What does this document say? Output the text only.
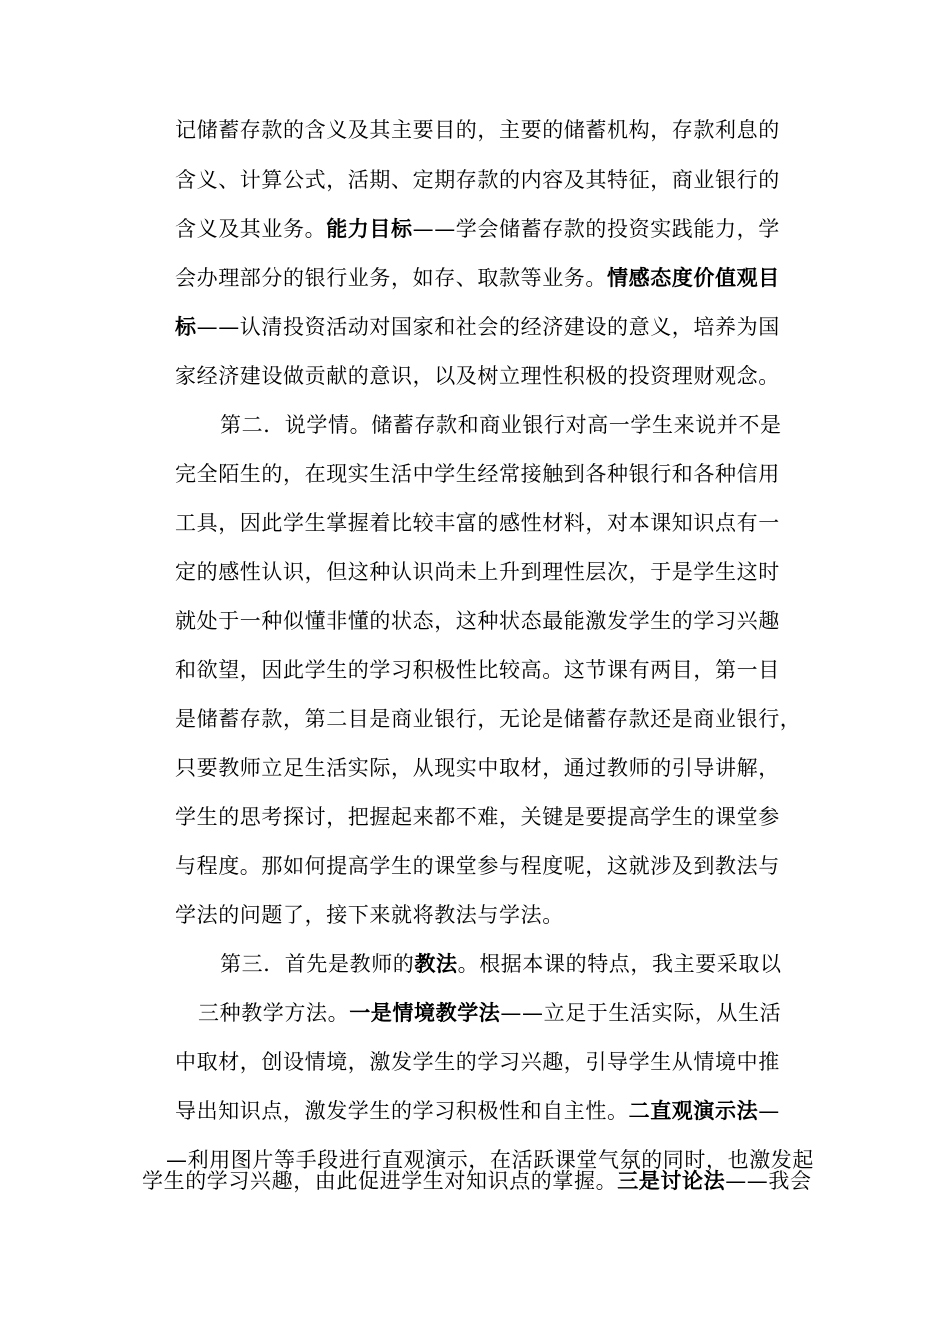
记储蓄存款的含义及其主要目的，主要的储蓄机构，存款利息的
含义、计算公式，活期、定期存款的内容及其特征，商业银行的
含义及其业务。能力目标——学会储蓄存款的投资实践能力，学
会办理部分的银行业务，如存、取款等业务。情感态度价值观目
标——认清投资活动对国家和社会的经济建设的意义，培养为国
家经济建设做贡献的意识，以及树立理性积极的投资理财观念。
第二．说学情。储蓄存款和商业银行对高一学生来说并不是
完全陌生的，在现实生活中学生经常接触到各种银行和各种信用
工具，因此学生掌握着比较丰富的感性材料，对本课知识点有一
定的感性认识，但这种认识尚未上升到理性层次，于是学生这时
就处于一种似懂非懂的状态，这种状态最能激发学生的学习兴趣
和欲望，因此学生的学习积极性比较高。这节课有两目，第一目
是储蓄存款，第二目是商业银行，无论是储蓄存款还是商业银行，
只要教师立足生活实际，从现实中取材，通过教师的引导讲解，
学生的思考探讨，把握起来都不难，关键是要提高学生的课堂参
与程度。那如何提高学生的课堂参与程度呢，这就涉及到教法与
学法的问题了，接下来就将教法与学法。
第三．首先是教师的教法。根据本课的特点，我主要采取以
三种教学方法。一是情境教学法——立足于生活实际，从生活
中取材，创设情境，激发学生的学习兴趣，引导学生从情境中推
导出知识点，激发学生的学习积极性和自主性。二直观演示法—
—利用图片等手段进行直观演示，在活跃课堂气氛的同时，也激发起
学生的学习兴趣，由此促进学生对知识点的掌握。三是讨论法——我会
